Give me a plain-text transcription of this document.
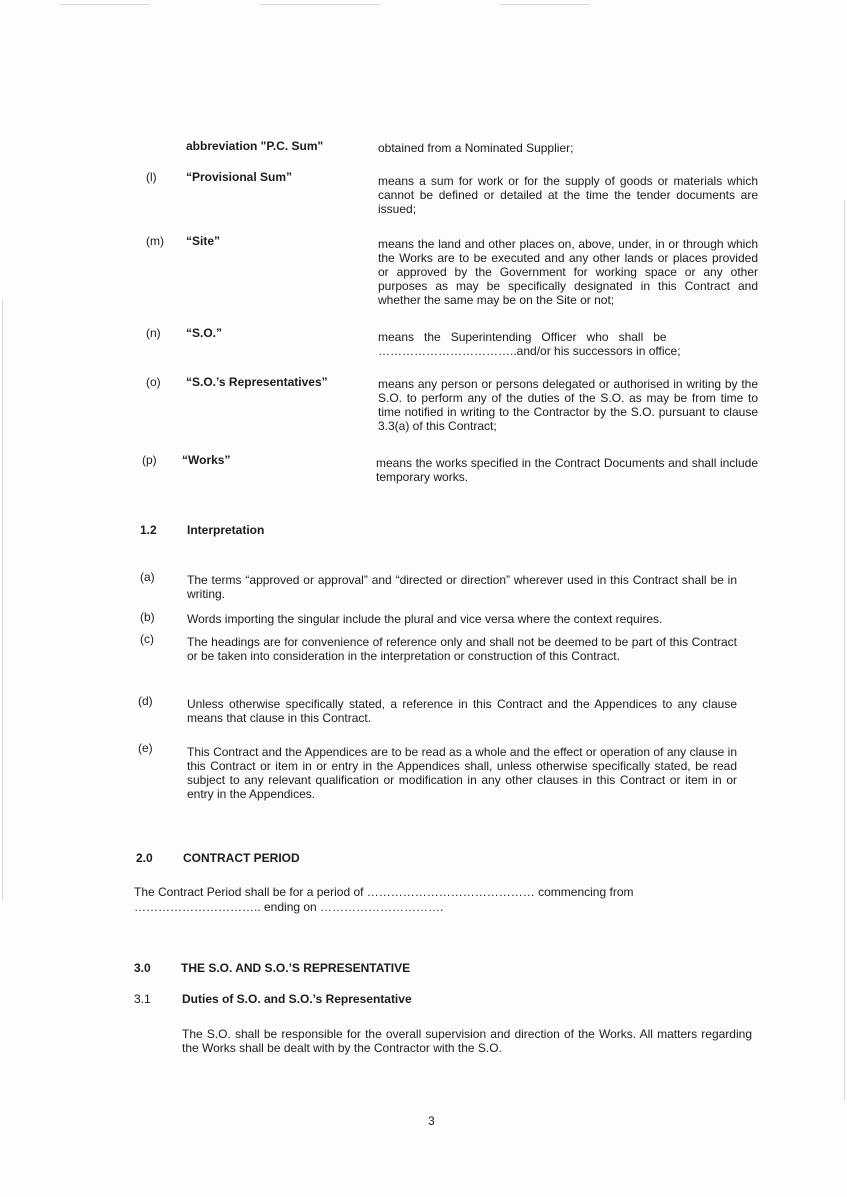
abbreviation "P.C. Sum"	obtained from a Nominated Supplier;
(l) “Provisional Sum”	means a sum for work or for the supply of goods or materials which cannot be defined or detailed at the time the tender documents are issued;
(m) “Site”	means the land and other places on, above, under, in or through which the Works are to be executed and any other lands or places provided or approved by the Government for working space or any other purposes as may be specifically designated in this Contract and whether the same may be on the Site or not;
(n) “S.O.”	means   the   Superintending   Officer   who   shall   be
……………………………..and/or his successors in office;
(o) “S.O.’s Representatives”	means any person or persons delegated or authorised in writing by the S.O. to perform any of the duties of the S.O. as may be from time to time notified in writing to the Contractor by the S.O. pursuant to clause 3.3(a) of this Contract;
(p) “Works”	means the works specified in the Contract Documents and shall include temporary works.
1.2	Interpretation
(a)	The terms “approved or approval” and “directed or direction” wherever used in this Contract shall be in writing.
(b)	Words importing the singular include the plural and vice versa where the context requires.
(c)	The headings are for convenience of reference only and shall not be deemed to be part of this Contract or be taken into consideration in the interpretation or construction of this Contract.
(d)	Unless otherwise specifically stated, a reference in this Contract and the Appendices to any clause means that clause in this Contract.
(e)	This Contract and the Appendices are to be read as a whole and the effect or operation of any clause in this Contract or item in or entry in the Appendices shall, unless otherwise specifically stated, be read subject to any relevant qualification or modification in any other clauses in this Contract or item in or entry in the Appendices.
2.0	CONTRACT PERIOD
The Contract Period shall be for a period of …………………………………… commencing from
………………………….. ending on ………………………….
3.0	THE S.O. AND S.O.’S REPRESENTATIVE
3.1	Duties of S.O. and S.O.’s Representative
The S.O. shall be responsible for the overall supervision and direction of the Works. All matters regarding the Works shall be dealt with by the Contractor with the S.O.
3
